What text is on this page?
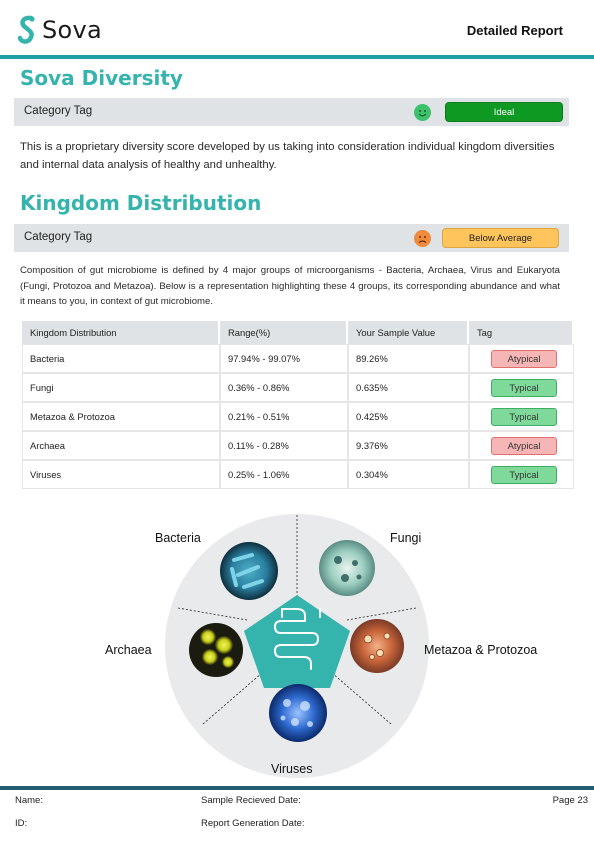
Sova	Detailed Report
Sova Diversity
Category Tag	Ideal
This is a proprietary diversity score developed by us taking into consideration individual kingdom diversities and internal data analysis of healthy and unhealthy.
Kingdom Distribution
Category Tag	Below Average
Composition of gut microbiome is defined by 4 major groups of microorganisms - Bacteria, Archaea, Virus and Eukaryota (Fungi, Protozoa and Metazoa). Below is a representation highlighting these 4 groups, its corresponding abundance and what it means to you, in context of gut microbiome.
Kingdom Distribution	Range(%)	Your Sample Value	Tag
Bacteria	97.94% - 99.07%	89.26%	Atypical
Fungi	0.36% - 0.86%	0.635%	Typical
Metazoa & Protozoa	0.21% - 0.51%	0.425%	Typical
Archaea	0.11% - 0.28%	9.376%	Atypical
Viruses	0.25% - 1.06%	0.304%	Typical
Bacteria	Fungi
Metazoa & Protozoa
Archaea
Viruses
Name:	Sample Recieved Date:	Page 23
ID:	Report Generation Date:
